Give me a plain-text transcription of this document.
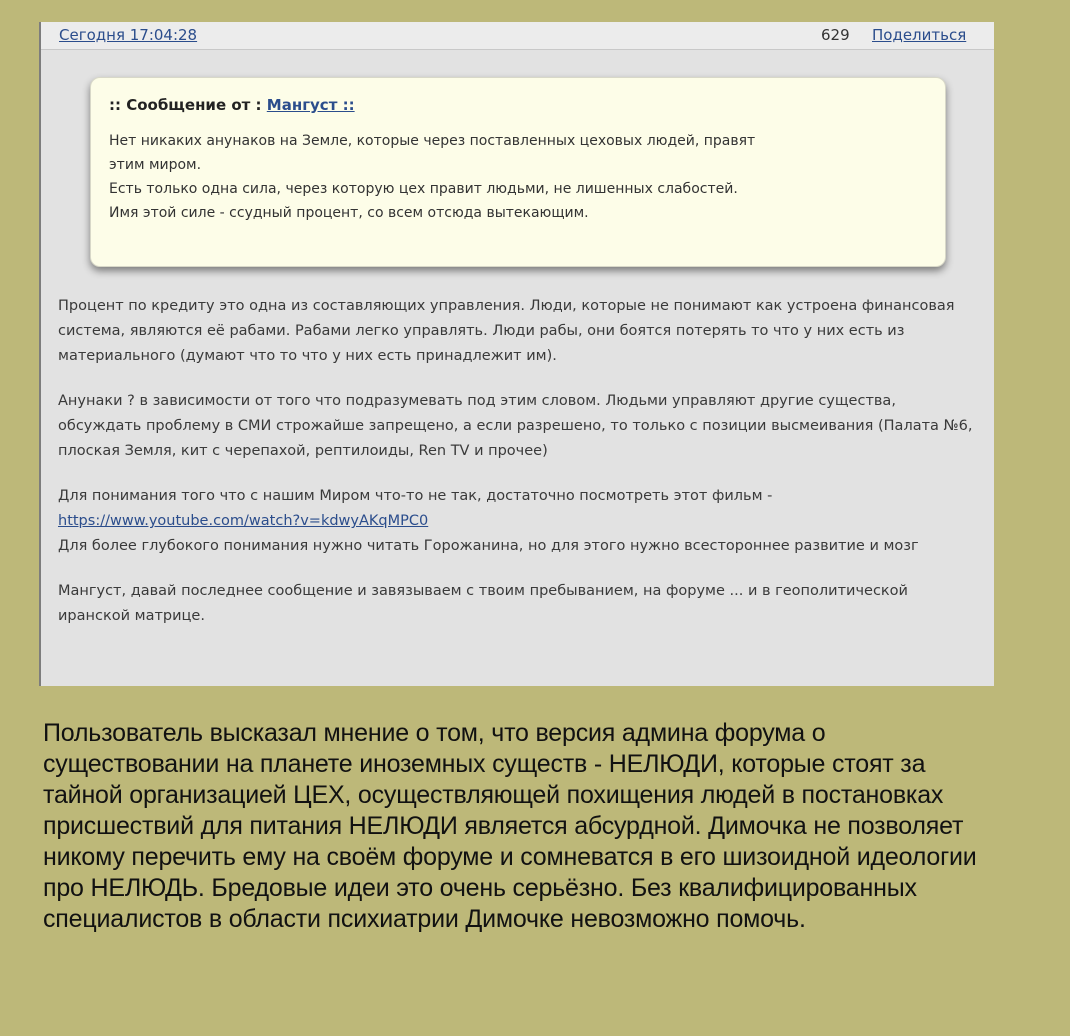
Сегодня 17:04:28	629 Поделиться
:: Сообщение от : Мангуст ::
Нет никаких анунаков на Земле, которые через поставленных цеховых людей, правят
этим миром.
Есть только одна сила, через которую цех правит людьми, не лишенных слабостей.
Имя этой силе - ссудный процент, со всем отсюда вытекающим.

Процент по кредиту это одна из составляющих управления. Люди, которые не понимают как устроена финансовая система, являются её рабами. Рабами легко управлять. Люди рабы, они боятся потерять то что у них есть из материального (думают что то что у них есть принадлежит им).

Анунаки ? в зависимости от того что подразумевать под этим словом. Людьми управляют другие существа, обсуждать проблему в СМИ строжайше запрещено, а если разрешено, то только с позиции высмеивания (Палата №6, плоская Земля, кит с черепахой, рептилоиды, Ren TV и прочее)

Для понимания того что с нашим Миром что-то не так, достаточно посмотреть этот фильм -
https://www.youtube.com/watch?v=kdwyAKqMPC0
Для более глубокого понимания нужно читать Горожанина, но для этого нужно всестороннее развитие и мозг

Мангуст, давай последнее сообщение и завязываем с твоим пребыванием, на форуме ... и в геополитической иранской матрице.

Пользователь высказал мнение о том, что версия админа форума о существовании на планете иноземных существ - НЕЛЮДИ, которые стоят за тайной организацией ЦЕХ, осуществляющей похищения людей в постановках присшествий для питания НЕЛЮДИ является абсурдной. Димочка не позволяет никому перечить ему на своём форуме и сомневатся в его шизоидной идеологии про НЕЛЮДЬ. Бредовые идеи это очень серьёзно. Без квалифицированных специалистов в области психиатрии Димочке невозможно помочь.
